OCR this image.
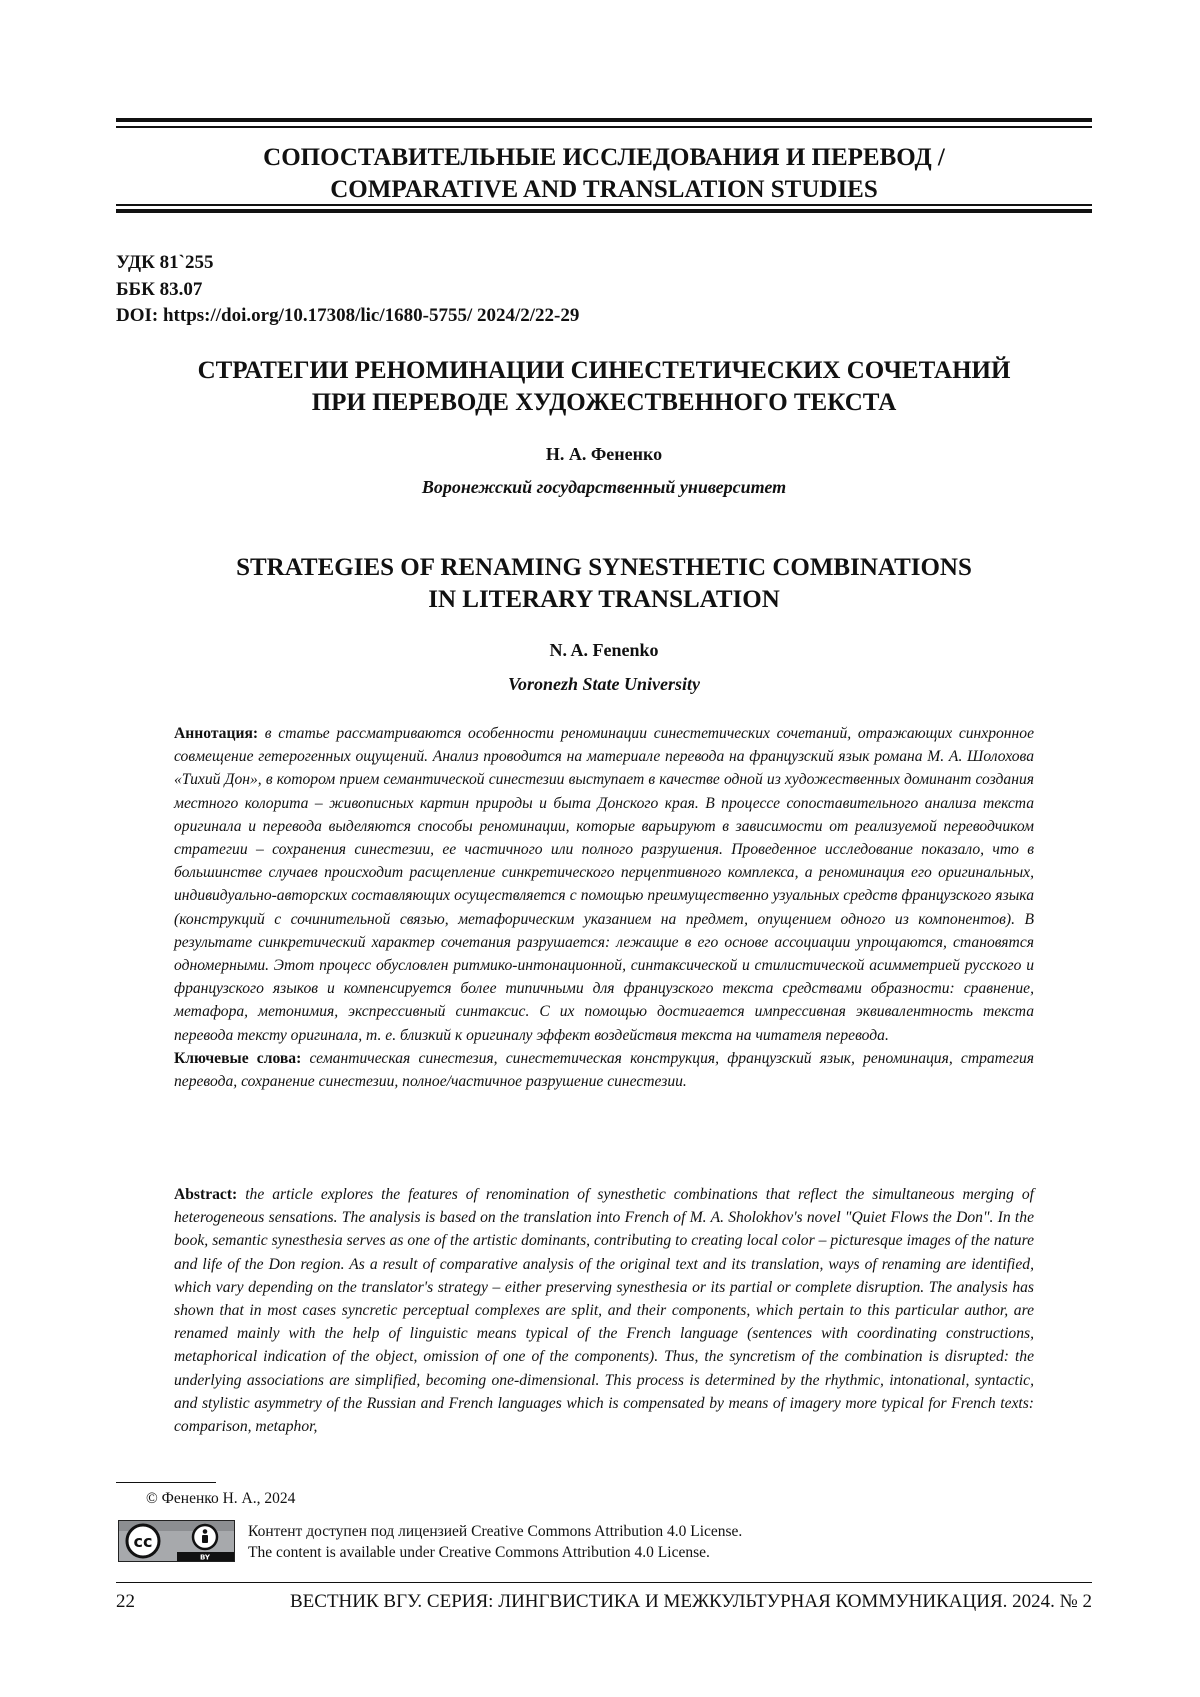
СОПОСТАВИТЕЛЬНЫЕ ИССЛЕДОВАНИЯ И ПЕРЕВОД /
COMPARATIVE AND TRANSLATION STUDIES
УДК 81`255
ББК 83.07
DOI: https://doi.org/10.17308/lic/1680-5755/ 2024/2/22-29
СТРАТЕГИИ РЕНОМИНАЦИИ СИНЕСТЕТИЧЕСКИХ СОЧЕТАНИЙ
ПРИ ПЕРЕВОДЕ ХУДОЖЕСТВЕННОГО ТЕКСТА
Н. А. Фененко
Воронежский государственный университет
STRATEGIES OF RENAMING SYNESTHETIC COMBINATIONS
IN LITERARY TRANSLATION
N. A. Fenenko
Voronezh State University
Аннотация: в статье рассматриваются особенности реноминации синестетических сочетаний, отражающих синхронное совмещение гетерогенных ощущений. Анализ проводится на материале перевода на французский язык романа М. А. Шолохова «Тихий Дон», в котором прием семантической синестезии выступает в качестве одной из художественных доминант создания местного колорита – живописных картин природы и быта Донского края. В процессе сопоставительного анализа текста оригинала и перевода выделяются способы реноминации, которые варьируют в зависимости от реализуемой переводчиком стратегии – сохранения синестезии, ее частичного или полного разрушения. Проведенное исследование показало, что в большинстве случаев происходит расщепление синкретического перцептивного комплекса, а реноминация его оригинальных, индивидуально-авторских составляющих осуществляется с помощью преимущественно узуальных средств французского языка (конструкций с сочинительной связью, метафорическим указанием на предмет, опущением одного из компонентов). В результате синкретический характер сочетания разрушается: лежащие в его основе ассоциации упрощаются, становятся одномерными. Этот процесс обусловлен ритмико-интонационной, синтаксической и стилистической асимметрией русского и французского языков и компенсируется более типичными для французского текста средствами образности: сравнение, метафора, метонимия, экспрессивный синтаксис. С их помощью достигается импрессивная эквивалентность текста перевода тексту оригинала, т. е. близкий к оригиналу эффект воздействия текста на читателя перевода.
Ключевые слова: семантическая синестезия, синестетическая конструкция, французский язык, реноминация, стратегия перевода, сохранение синестезии, полное/частичное разрушение синестезии.
Abstract: the article explores the features of renomination of synesthetic combinations that reflect the simultaneous merging of heterogeneous sensations. The analysis is based on the translation into French of M. A. Sholokhov's novel "Quiet Flows the Don". In the book, semantic synesthesia serves as one of the artistic dominants, contributing to creating local color – picturesque images of the nature and life of the Don region. As a result of comparative analysis of the original text and its translation, ways of renaming are identified, which vary depending on the translator's strategy – either preserving synesthesia or its partial or complete disruption. The analysis has shown that in most cases syncretic perceptual complexes are split, and their components, which pertain to this particular author, are renamed mainly with the help of linguistic means typical of the French language (sentences with coordinating constructions, metaphorical indication of the object, omission of one of the components). Thus, the syncretism of the combination is disrupted: the underlying associations are simplified, becoming one-dimensional. This process is determined by the rhythmic, intonational, syntactic, and stylistic asymmetry of the Russian and French languages which is compensated by means of imagery more typical for French texts: comparison, metaphor,
© Фененко Н. А., 2024
cc
BY
Контент доступен под лицензией Creative Commons Attribution 4.0 License.
The content is available under Creative Commons Attribution 4.0 License.
22	ВЕСТНИК ВГУ. СЕРИЯ: ЛИНГВИСТИКА И МЕЖКУЛЬТУРНАЯ КОММУНИКАЦИЯ. 2024. № 2
